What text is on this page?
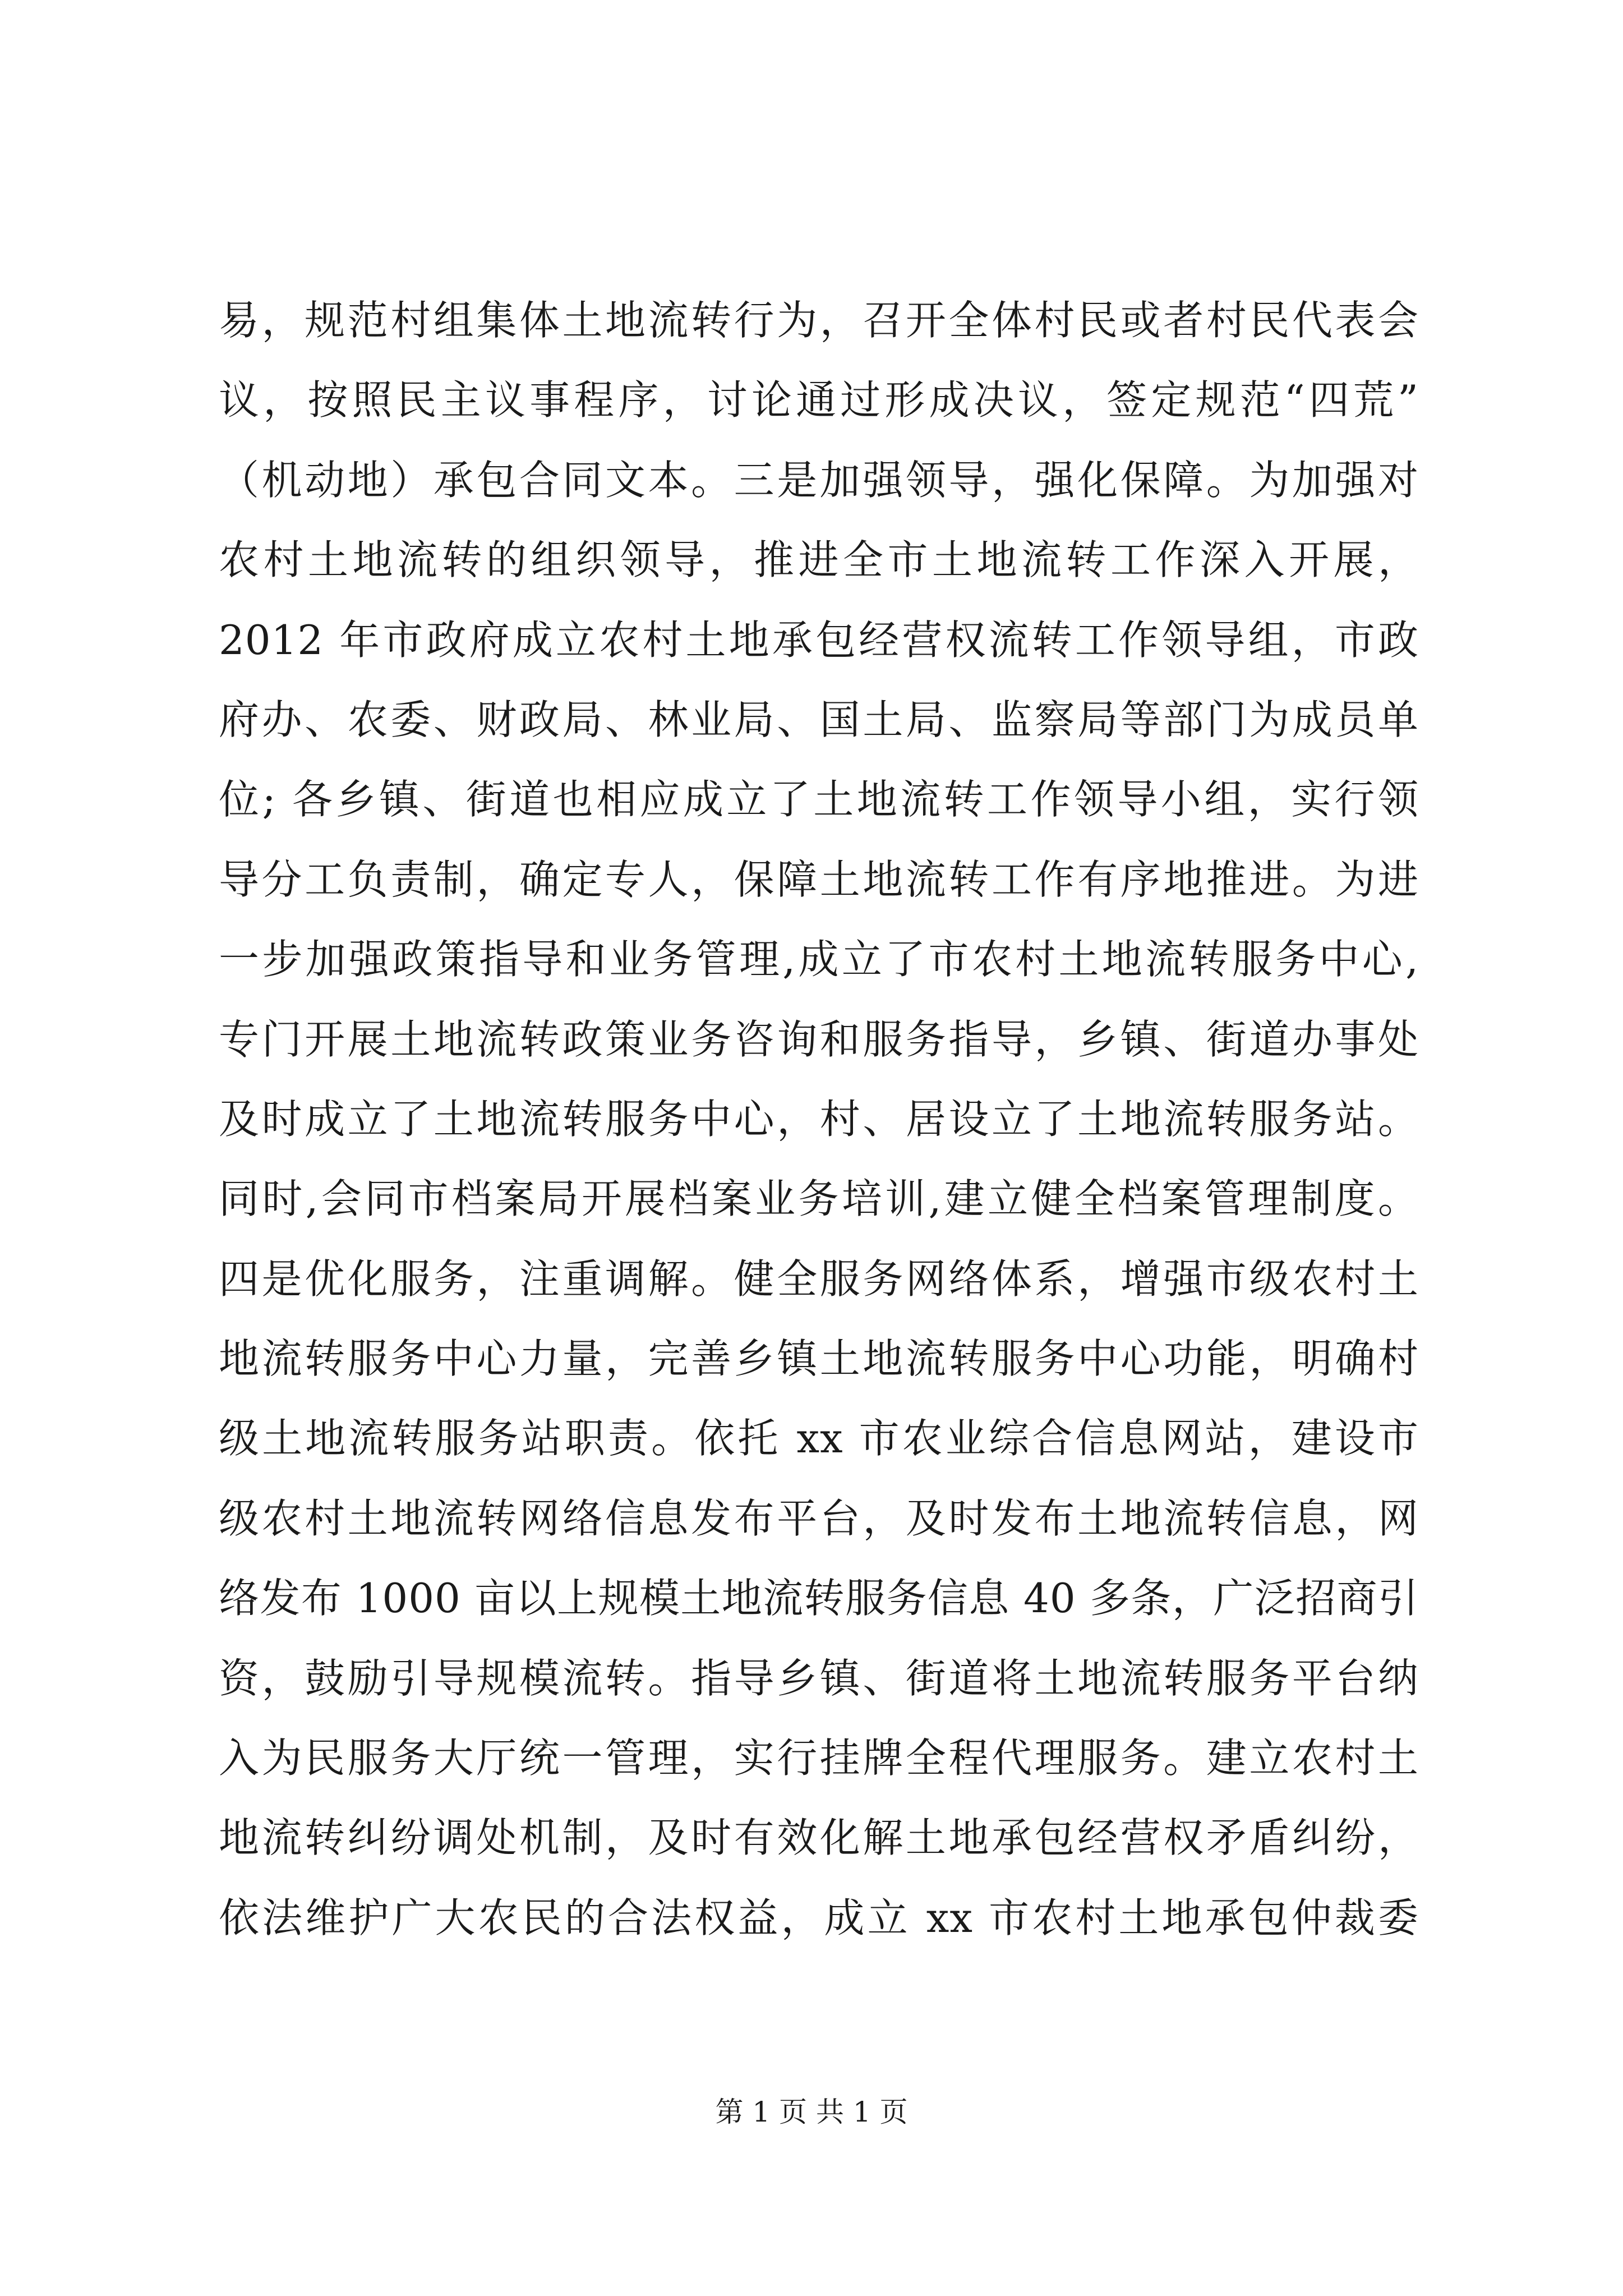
易，规范村组集体土地流转行为，召开全体村民或者村民代表会
议，按照民主议事程序，讨论通过形成决议，签定规范“四荒”
（机动地）承包合同文本。三是加强领导，强化保障。为加强对
农村土地流转的组织领导，推进全市土地流转工作深入开展，
2012 年市政府成立农村土地承包经营权流转工作领导组，市政
府办、农委、财政局、林业局、国土局、监察局等部门为成员单
位; 各乡镇、街道也相应成立了土地流转工作领导小组，实行领
导分工负责制，确定专人，保障土地流转工作有序地推进。为进
一步加强政策指导和业务管理,成立了市农村土地流转服务中心,
专门开展土地流转政策业务咨询和服务指导，乡镇、街道办事处
及时成立了土地流转服务中心，村、居设立了土地流转服务站。
同时,会同市档案局开展档案业务培训,建立健全档案管理制度。
四是优化服务，注重调解。健全服务网络体系，增强市级农村土
地流转服务中心力量，完善乡镇土地流转服务中心功能，明确村
级土地流转服务站职责。依托 xx 市农业综合信息网站，建设市
级农村土地流转网络信息发布平台，及时发布土地流转信息，网
络发布 1000 亩以上规模土地流转服务信息 40 多条，广泛招商引
资，鼓励引导规模流转。指导乡镇、街道将土地流转服务平台纳
入为民服务大厅统一管理，实行挂牌全程代理服务。建立农村土
地流转纠纷调处机制，及时有效化解土地承包经营权矛盾纠纷，
依法维护广大农民的合法权益，成立 xx 市农村土地承包仲裁委
第 1 页 共 1 页
